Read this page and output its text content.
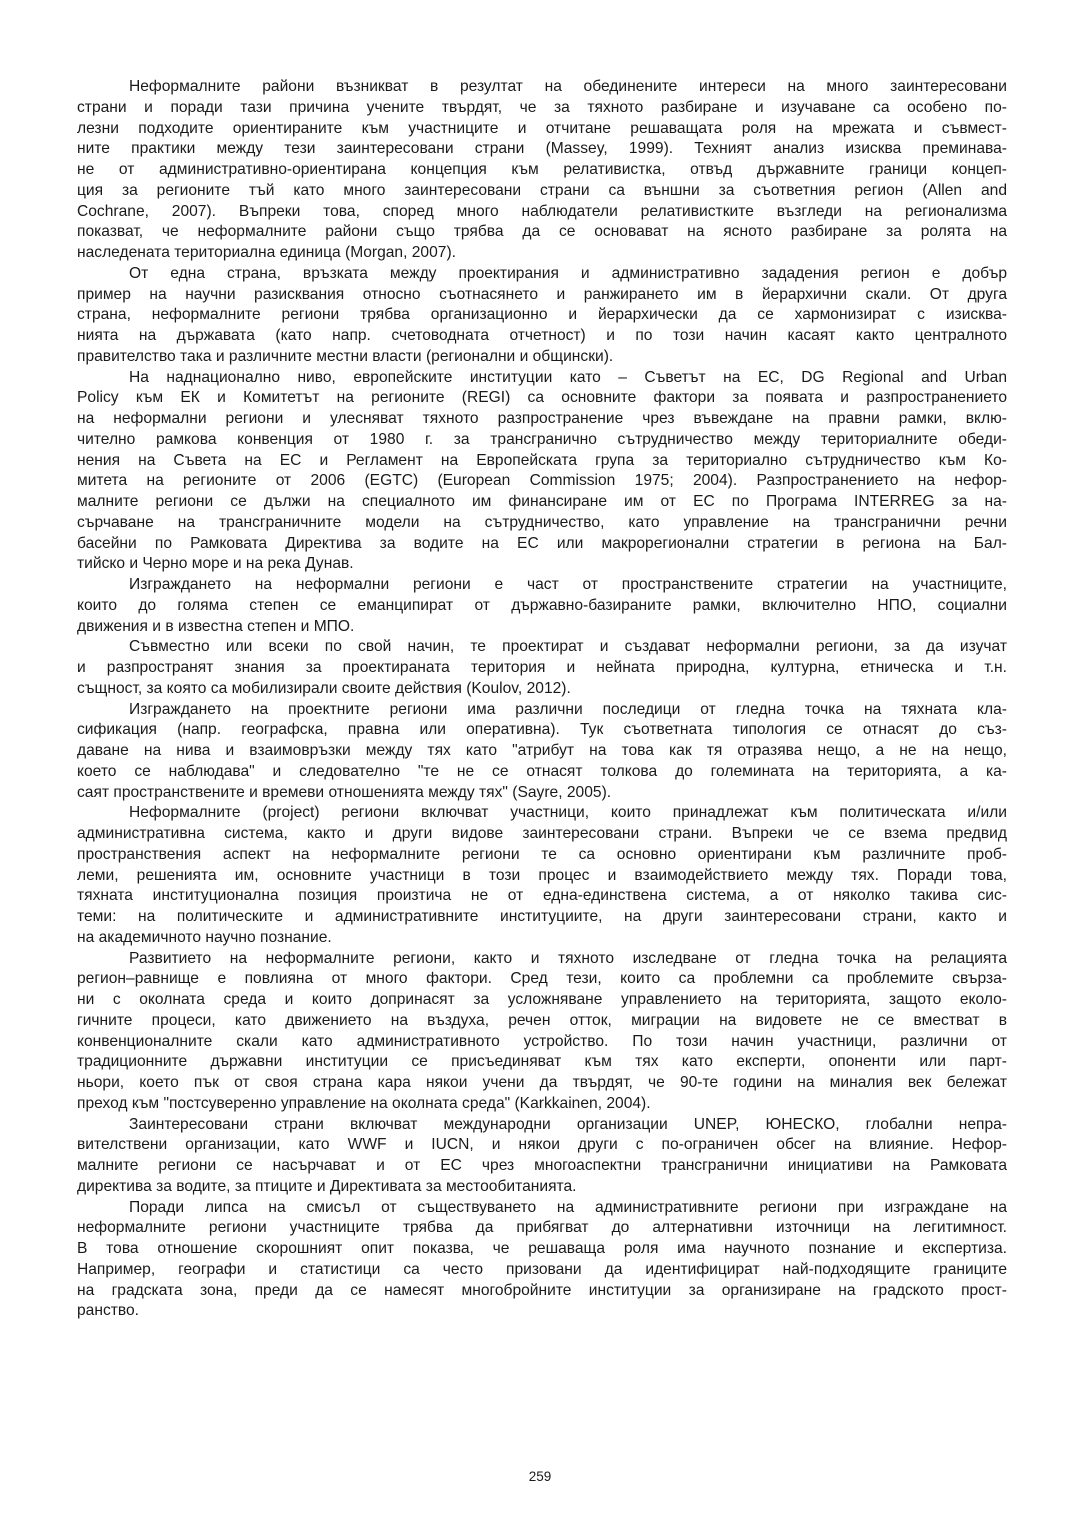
Неформалните райони възникват в резултат на обединените интереси на много заинтересовани
страни и поради тази причина учените твърдят, че за тяхното разбиране и изучаване са особено по-
лезни подходите ориентираните към участниците и отчитане решаващата роля на мрежата и съвмест-
ните практики между тези заинтересовани страни (Massey, 1999). Техният анализ изисква преминава-
не от административно-ориентирана концепция към релативистка, отвъд държавните граници концеп-
ция за регионите тъй като много заинтересовани страни са външни за съответния регион (Allen and
Cochrane, 2007). Въпреки това, според много наблюдатели релативистките възгледи на регионализма
показват, че неформалните райони също трябва да се основават на ясното разбиране за ролята на
наследената териториална единица (Morgan, 2007).
От една страна, връзката между проектирания и административно зададения регион е добър
пример на научни разисквания относно съотнасянето и ранжирането им в йерархични скали. От друга
страна, неформалните региони трябва организационно и йерархически да се хармонизират с изисква-
нията на държавата (като напр. счетоводната отчетност) и по този начин касаят както централното
правителство така и различните местни власти (регионални и общински).
На наднационално ниво, европейските институции като – Съветът на ЕС, DG Regional and Urban
Policy към ЕК и Комитетът на регионите (REGI) са основните фактори за появата и разпространението
на неформални региони и улесняват тяхното разпространение чрез въвеждане на правни рамки, вклю-
чително рамкова конвенция от 1980 г. за трансгранично сътрудничество между териториалните обеди-
нения на Съвета на ЕС и Регламент на Европейската група за териториално сътрудничество към Ко-
митета на регионите от 2006 (EGTC) (European Commission 1975; 2004). Разпространението на нефор-
малните региони се дължи на специалното им финансиране им от ЕС по Програма INTERREG за на-
сърчаване на трансграничните модели на сътрудничество, като управление на трансгранични речни
басейни по Рамковата Директива за водите на ЕС или макрорегионални стратегии в региона на Бал-
тийско и Черно море и на река Дунав.
Изграждането на неформални региони е част от пространствените стратегии на участниците,
които до голяма степен се еманципират от държавно-базираните рамки, включително НПО, социални
движения и в известна степен и МПО.
Съвместно или всеки по свой начин, те проектират и създават неформални региони, за да изучат
и разпространят знания за проектираната територия и нейната природна, културна, етническа и т.н.
същност, за която са мобилизирали своите действия (Koulov, 2012).
Изграждането на проектните региони има различни последици от гледна точка на тяхната кла-
сификация (напр. географска, правна или оперативна). Тук съответната типология се отнасят до съз-
даване на нива и взаимовръзки между тях като "атрибут на това как тя отразява нещо, а не на нещо,
което се наблюдава" и следователно "те не се отнасят толкова до големината на територията, а ка-
саят пространствените и времеви отношенията между тях" (Sayre, 2005).
Неформалните (project) региони включват участници, които принадлежат към политическата и/или
административна система, както и други видове заинтересовани страни. Въпреки че се взема предвид
пространствения аспект на неформалните региони те са основно ориентирани към различните проб-
леми, решенията им, основните участници в този процес и взаимодействието между тях. Поради това,
тяхната институционална позиция произтича не от една-единствена система, а от няколко такива сис-
теми: на политическите и административните институциите, на други заинтересовани страни, както и
на академичното научно познание.
Развитието на неформалните региони, както и тяхното изследване от гледна точка на релацията
регион–равнище е повлияна от много фактори. Сред тези, които са проблемни са проблемите свързa-
ни с околната среда и които допринасят за усложняване управлението на територията, защото еколо-
гичните процеси, като движението на въздуха, речен отток, миграции на видовете не се вместват в
конвенционалните скали като административното устройство. По този начин участници, различни от
традиционните държавни институции се присъединяват към тях като експерти, опоненти или парт-
ньори, което пък от своя страна кара някои учени да твърдят, че 90-те години на миналия век бележат
преход към "постсуверенно управление на околната среда" (Karkkainen, 2004).
Заинтересовани страни включват международни организации UNEP, ЮНЕСКО, глобални непра-
вителствени организации, като WWF и IUCN, и някои други с по-ограничен обсег на влияние. Нефор-
малните региони се насърчават и от ЕС чрез многоаспектни трансгранични инициативи на Рамковата
директива за водите, за птиците и Директивата за местообитанията.
Поради липса на смисъл от съществуването на административните региони при изграждане на
неформалните региони участниците трябва да прибягват до алтернативни източници на легитимност.
В това отношение скорошният опит показва, че решаваща роля има научното познание и експертиза.
Например, географи и статистици са често призовани да идентифицират най-подходящите границите
на градската зона, преди да се намесят многобройните институции за организиране на градското прост-
ранство.
259
